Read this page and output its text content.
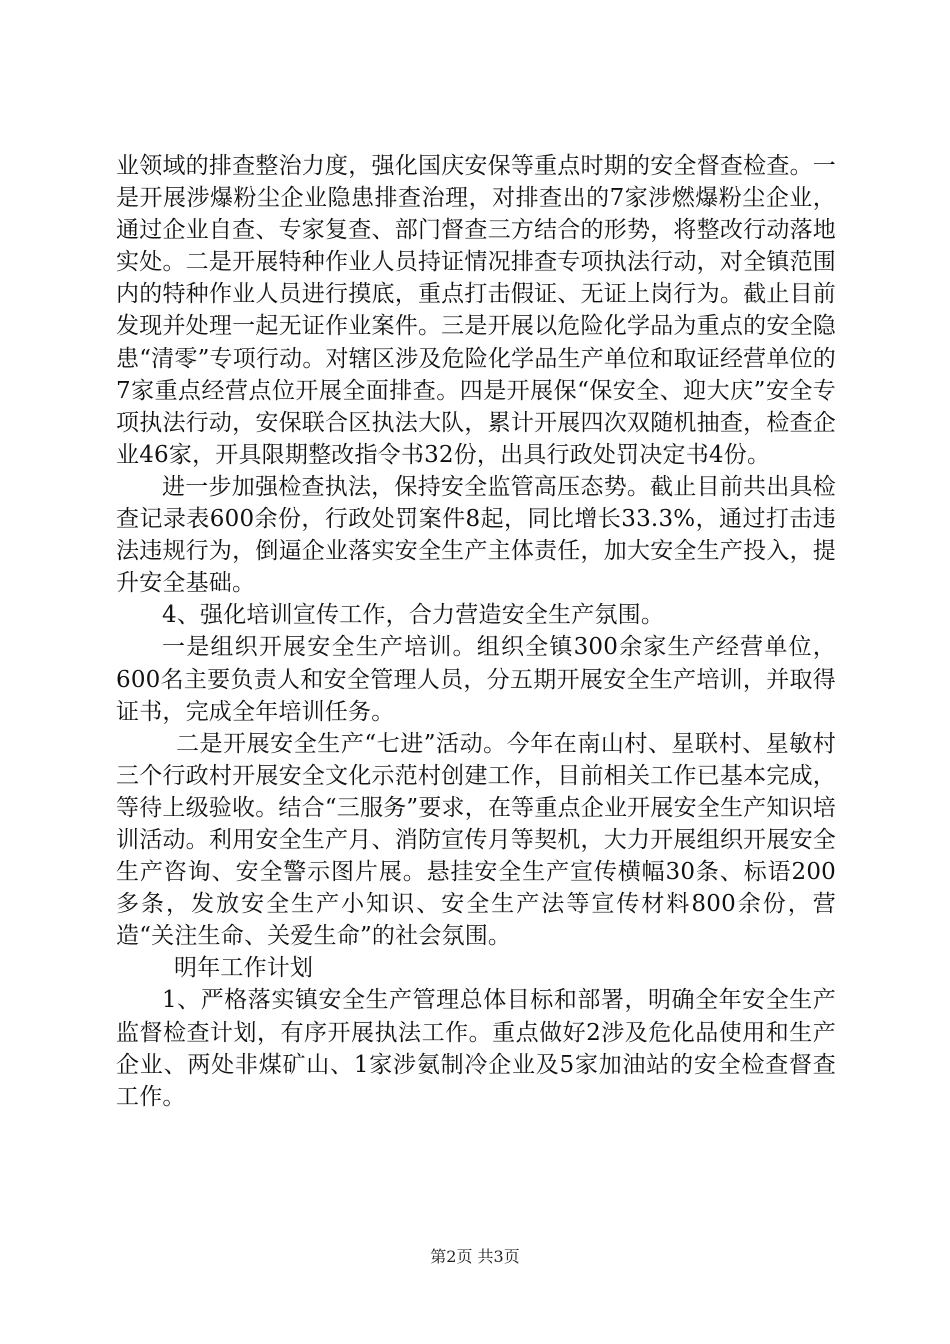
业领域的排查整治力度，强化国庆安保等重点时期的安全督查检查。一是开展涉爆粉尘企业隐患排查治理，对排查出的7家涉燃爆粉尘企业，通过企业自查、专家复查、部门督查三方结合的形势，将整改行动落地实处。二是开展特种作业人员持证情况排查专项执法行动，对全镇范围内的特种作业人员进行摸底，重点打击假证、无证上岗行为。截止目前发现并处理一起无证作业案件。三是开展以危险化学品为重点的安全隐患“清零”专项行动。对辖区涉及危险化学品生产单位和取证经营单位的7家重点经营点位开展全面排查。四是开展保“保安全、迎大庆”安全专项执法行动，安保联合区执法大队，累计开展四次双随机抽查，检查企业46家，开具限期整改指令书32份，出具行政处罚决定书4份。

进一步加强检查执法，保持安全监管高压态势。截止目前共出具检查记录表600余份，行政处罚案件8起，同比增长33.3%，通过打击违法违规行为，倒逼企业落实安全生产主体责任，加大安全生产投入，提升安全基础。

4、强化培训宣传工作，合力营造安全生产氛围。

一是组织开展安全生产培训。组织全镇300余家生产经营单位，600名主要负责人和安全管理人员，分五期开展安全生产培训，并取得证书，完成全年培训任务。

二是开展安全生产“七进”活动。今年在南山村、星联村、星敏村三个行政村开展安全文化示范村创建工作，目前相关工作已基本完成，等待上级验收。结合“三服务”要求，在等重点企业开展安全生产知识培训活动。利用安全生产月、消防宣传月等契机，大力开展组织开展安全生产咨询、安全警示图片展。悬挂安全生产宣传横幅30条、标语200多条，发放安全生产小知识、安全生产法等宣传材料800余份，营造“关注生命、关爱生命”的社会氛围。

明年工作计划

1、严格落实镇安全生产管理总体目标和部署，明确全年安全生产监督检查计划，有序开展执法工作。重点做好2涉及危化品使用和生产企业、两处非煤矿山、1家涉氨制冷企业及5家加油站的安全检查督查工作。

第2页 共3页
